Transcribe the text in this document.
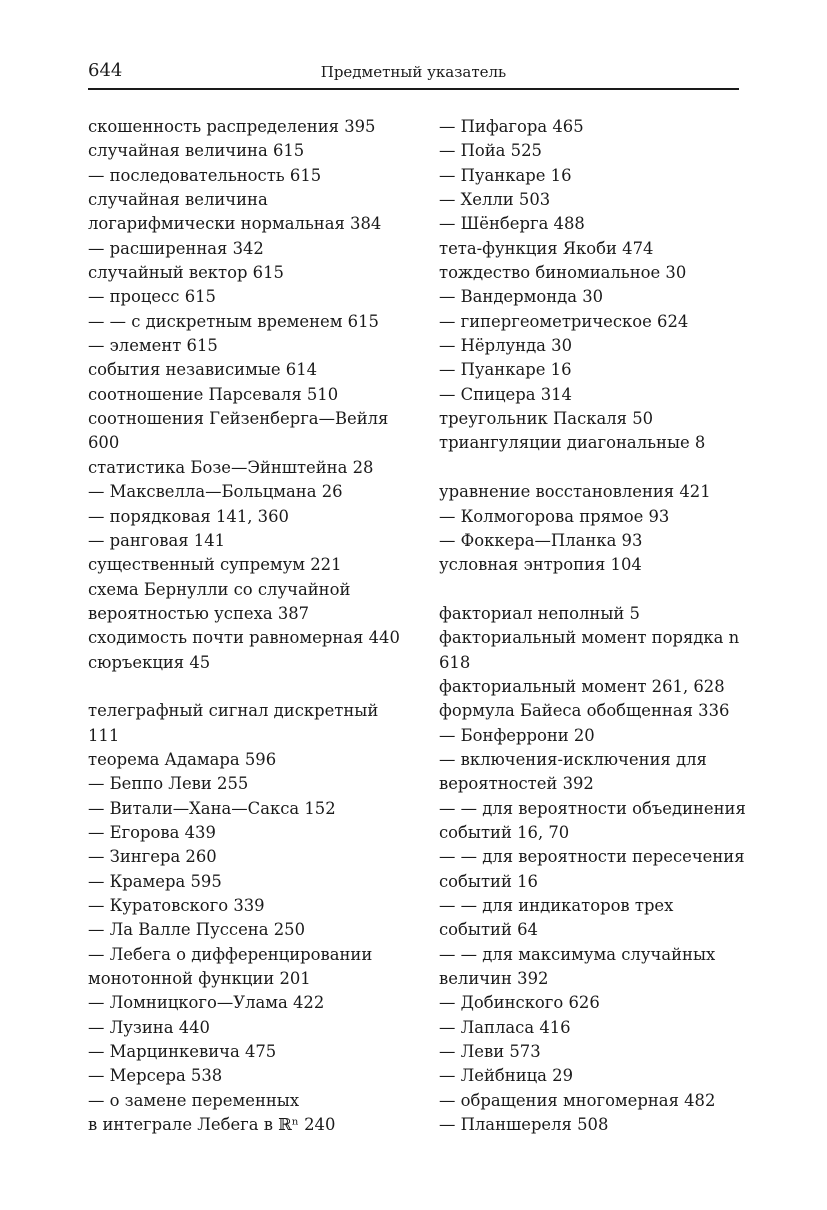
644	Предметный указатель
скошенность распределения 395
случайная величина 615
— последовательность 615
случайная величина
логарифмически нормальная 384
— расширенная 342
случайный вектор 615
— процесс 615
— — с дискретным временем 615
— элемент 615
события независимые 614
соотношение Парсеваля 510
соотношения Гейзенберга—Вейля
600
статистика Бозе—Эйнштейна 28
— Максвелла—Больцмана 26
— порядковая 141, 360
— ранговая 141
существенный супремум 221
схема Бернулли со случайной
вероятностью успеха 387
сходимость почти равномерная 440
сюръекция 45
телеграфный сигнал дискретный
111
теорема Адамара 596
— Беппо Леви 255
— Витали—Хана—Сакса 152
— Егорова 439
— Зингера 260
— Крамера 595
— Куратовского 339
— Ла Валле Пуссена 250
— Лебега о дифференцировании
монотонной функции 201
— Ломницкого—Улама 422
— Лузина 440
— Марцинкевича 475
— Мерсера 538
— о замене переменных
в интеграле Лебега в ℝⁿ 240
— Пифагора 465
— Пойа 525
— Пуанкаре 16
— Хелли 503
— Шёнберга 488
тета-функция Якоби 474
тождество биномиальное 30
— Вандермонда 30
— гипергеометрическое 624
— Нёрлунда 30
— Пуанкаре 16
— Спицера 314
треугольник Паскаля 50
триангуляции диагональные 8
уравнение восстановления 421
— Колмогорова прямое 93
— Фоккера—Планка 93
условная энтропия 104
факториал неполный 5
факториальный момент порядка n
618
факториальный момент 261, 628
формула Байеса обобщенная 336
— Бонферрони 20
— включения-исключения для
вероятностей 392
— — для вероятности объединения
событий 16, 70
— — для вероятности пересечения
событий 16
— — для индикаторов трех
событий 64
— — для максимума случайных
величин 392
— Добинского 626
— Лапласа 416
— Леви 573
— Лейбница 29
— обращения многомерная 482
— Планшереля 508
